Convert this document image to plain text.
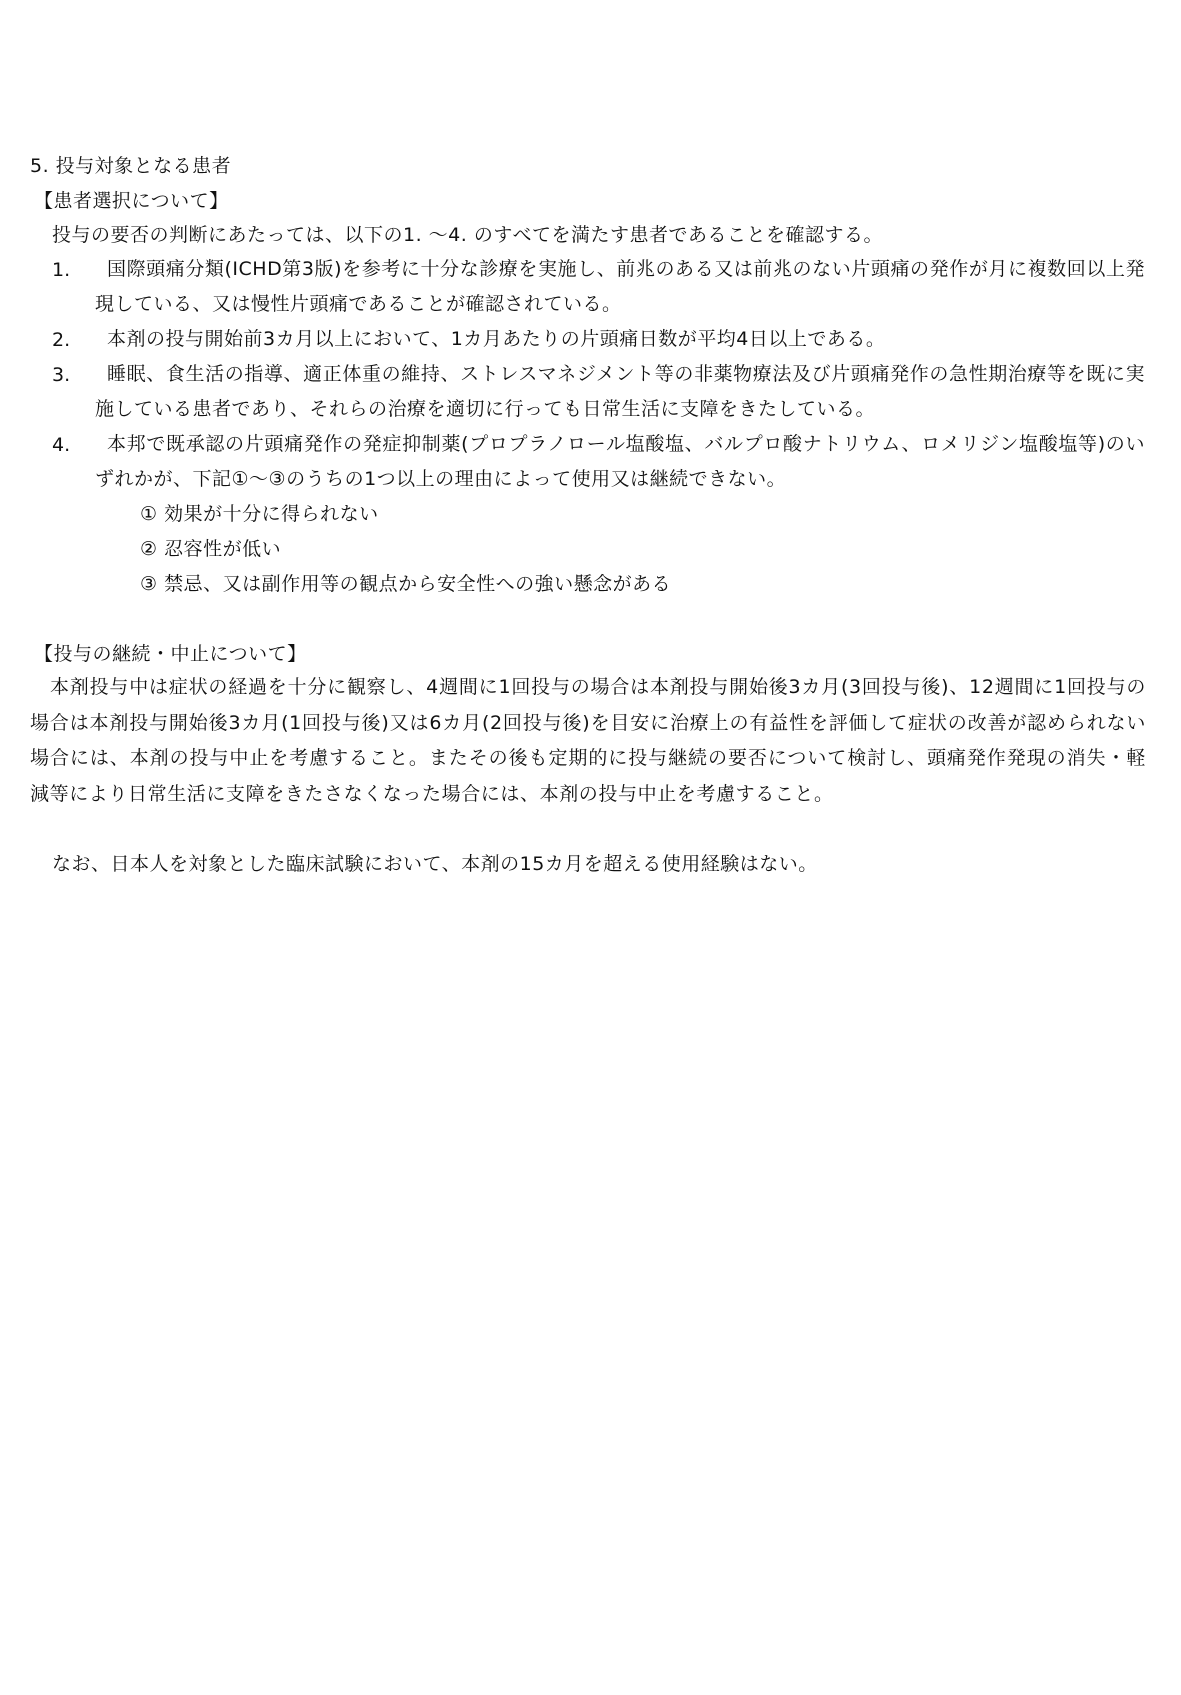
5. 投与対象となる患者
【患者選択について】
投与の要否の判断にあたっては、以下の1. ～4. のすべてを満たす患者であることを確認する。
1.	国際頭痛分類(ICHD第3版)を参考に十分な診療を実施し、前兆のある又は前兆のない片頭痛の発作が月に複数回以上発現している、又は慢性片頭痛であることが確認されている。
2.	本剤の投与開始前3カ月以上において、1カ月あたりの片頭痛日数が平均4日以上である。
3.	睡眠、食生活の指導、適正体重の維持、ストレスマネジメント等の非薬物療法及び片頭痛発作の急性期治療等を既に実施している患者であり、それらの治療を適切に行っても日常生活に支障をきたしている。
4.	本邦で既承認の片頭痛発作の発症抑制薬(プロプラノロール塩酸塩、バルプロ酸ナトリウム、ロメリジン塩酸塩等)のいずれかが、下記①～③のうちの1つ以上の理由によって使用又は継続できない。
① 効果が十分に得られない
② 忍容性が低い
③ 禁忌、又は副作用等の観点から安全性への強い懸念がある
【投与の継続・中止について】
本剤投与中は症状の経過を十分に観察し、4週間に1回投与の場合は本剤投与開始後3カ月(3回投与後)、12週間に1回投与の場合は本剤投与開始後3カ月(1回投与後)又は6カ月(2回投与後)を目安に治療上の有益性を評価して症状の改善が認められない場合には、本剤の投与中止を考慮すること。またその後も定期的に投与継続の要否について検討し、頭痛発作発現の消失・軽減等により日常生活に支障をきたさなくなった場合には、本剤の投与中止を考慮すること。
なお、日本人を対象とした臨床試験において、本剤の15カ月を超える使用経験はない。
